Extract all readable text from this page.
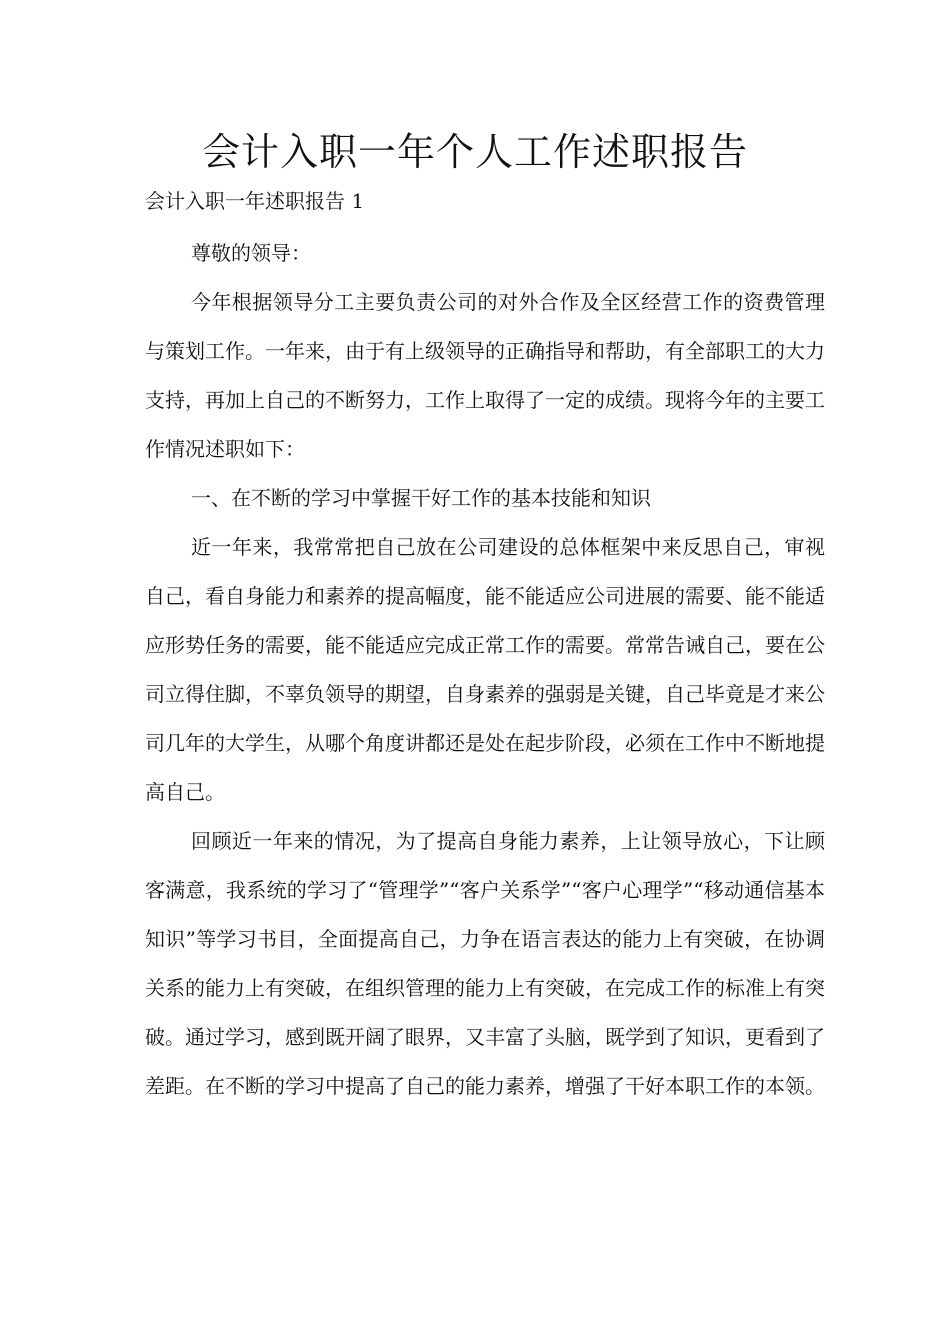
会计入职一年个人工作述职报告

会计入职一年述职报告 1

尊敬的领导：

今年根据领导分工主要负责公司的对外合作及全区经营工作的资费管理与策划工作。一年来，由于有上级领导的正确指导和帮助，有全部职工的大力支持，再加上自己的不断努力，工作上取得了一定的成绩。现将今年的主要工作情况述职如下：

一、在不断的学习中掌握干好工作的基本技能和知识

近一年来，我常常把自己放在公司建设的总体框架中来反思自己，审视自己，看自身能力和素养的提高幅度，能不能适应公司进展的需要、能不能适应形势任务的需要，能不能适应完成正常工作的需要。常常告诫自己，要在公司立得住脚，不辜负领导的期望，自身素养的强弱是关键，自己毕竟是才来公司几年的大学生，从哪个角度讲都还是处在起步阶段，必须在工作中不断地提高自己。

回顾近一年来的情况，为了提高自身能力素养，上让领导放心，下让顾客满意，我系统的学习了“管理学”“客户关系学”“客户心理学”“移动通信基本知识”等学习书目，全面提高自己，力争在语言表达的能力上有突破，在协调关系的能力上有突破，在组织管理的能力上有突破，在完成工作的标准上有突破。通过学习，感到既开阔了眼界，又丰富了头脑，既学到了知识，更看到了差距。在不断的学习中提高了自己的能力素养，增强了干好本职工作的本领。
